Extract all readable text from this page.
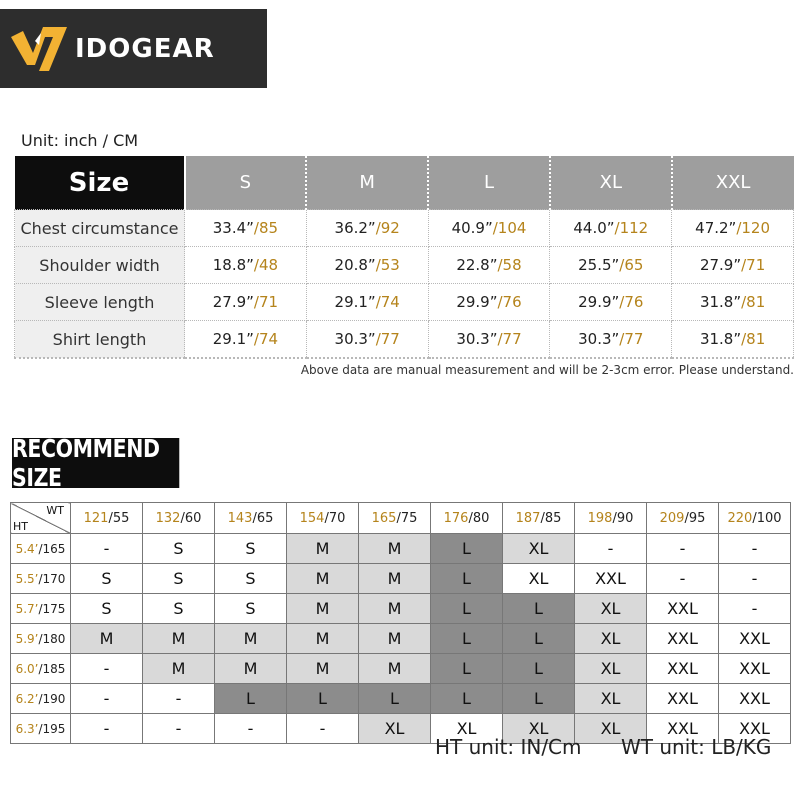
IDOGEAR
Unit: inch / CM
Size	S	M	L	XL	XXL
Chest circumstance	33.4”/85	36.2”/92	40.9”/104	44.0”/112	47.2”/120
Shoulder width	18.8”/48	20.8”/53	22.8”/58	25.5”/65	27.9”/71
Sleeve length	27.9”/71	29.1”/74	29.9”/76	29.9”/76	31.8”/81
Shirt length	29.1”/74	30.3”/77	30.3”/77	30.3”/77	31.8”/81
Above data are manual measurement and will be 2-3cm error. Please understand.
RECOMMEND SIZE
WT
HT	121/55	132/60	143/65	154/70	165/75	176/80	187/85	198/90	209/95	220/100
5.4’/165	-	S	S	M	M	L	XL	-	-	-
5.5’/170	S	S	S	M	M	L	XL	XXL	-	-
5.7’/175	S	S	S	M	M	L	L	XL	XXL	-
5.9’/180	M	M	M	M	M	L	L	XL	XXL	XXL
6.0’/185	-	M	M	M	M	L	L	XL	XXL	XXL
6.2’/190	-	-	L	L	L	L	L	XL	XXL	XXL
6.3’/195	-	-	-	-	XL	XL	XL	XL	XXL	XXL
HT unit: IN/Cm WT unit: LB/KG
